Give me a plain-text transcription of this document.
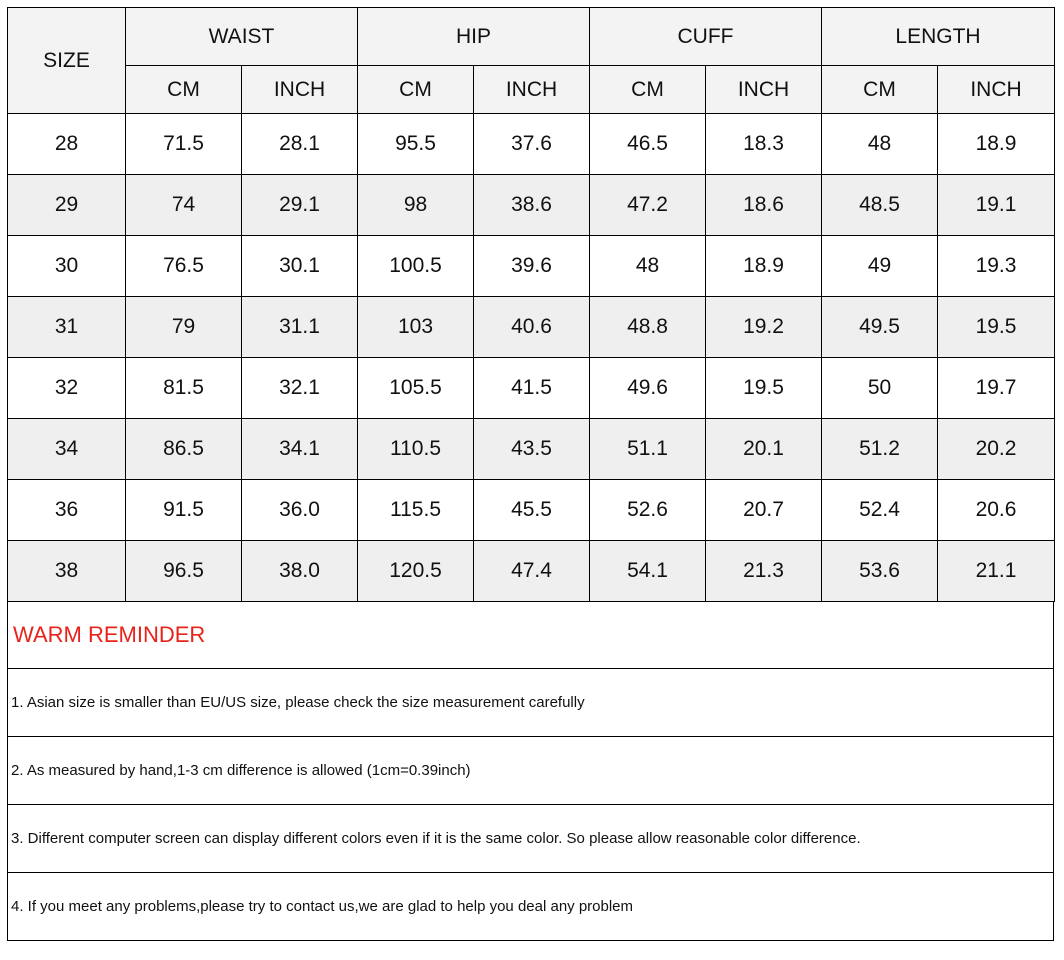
SIZE	WAIST		HIP		CUFF		LENGTH	
	CM	INCH	CM	INCH	CM	INCH	CM	INCH
28	71.5	28.1	95.5	37.6	46.5	18.3	48	18.9
29	74	29.1	98	38.6	47.2	18.6	48.5	19.1
30	76.5	30.1	100.5	39.6	48	18.9	49	19.3
31	79	31.1	103	40.6	48.8	19.2	49.5	19.5
32	81.5	32.1	105.5	41.5	49.6	19.5	50	19.7
34	86.5	34.1	110.5	43.5	51.1	20.1	51.2	20.2
36	91.5	36.0	115.5	45.5	52.6	20.7	52.4	20.6
38	96.5	38.0	120.5	47.4	54.1	21.3	53.6	21.1
WARM REMINDER
1. Asian size is smaller than EU/US size, please check the size measurement carefully
2. As measured by hand,1-3 cm difference is allowed (1cm=0.39inch)
3. Different computer screen can display different colors even if it is the same color. So please allow reasonable color difference.
4. If you meet any problems,please try to contact us,we are glad to help you deal any problem
